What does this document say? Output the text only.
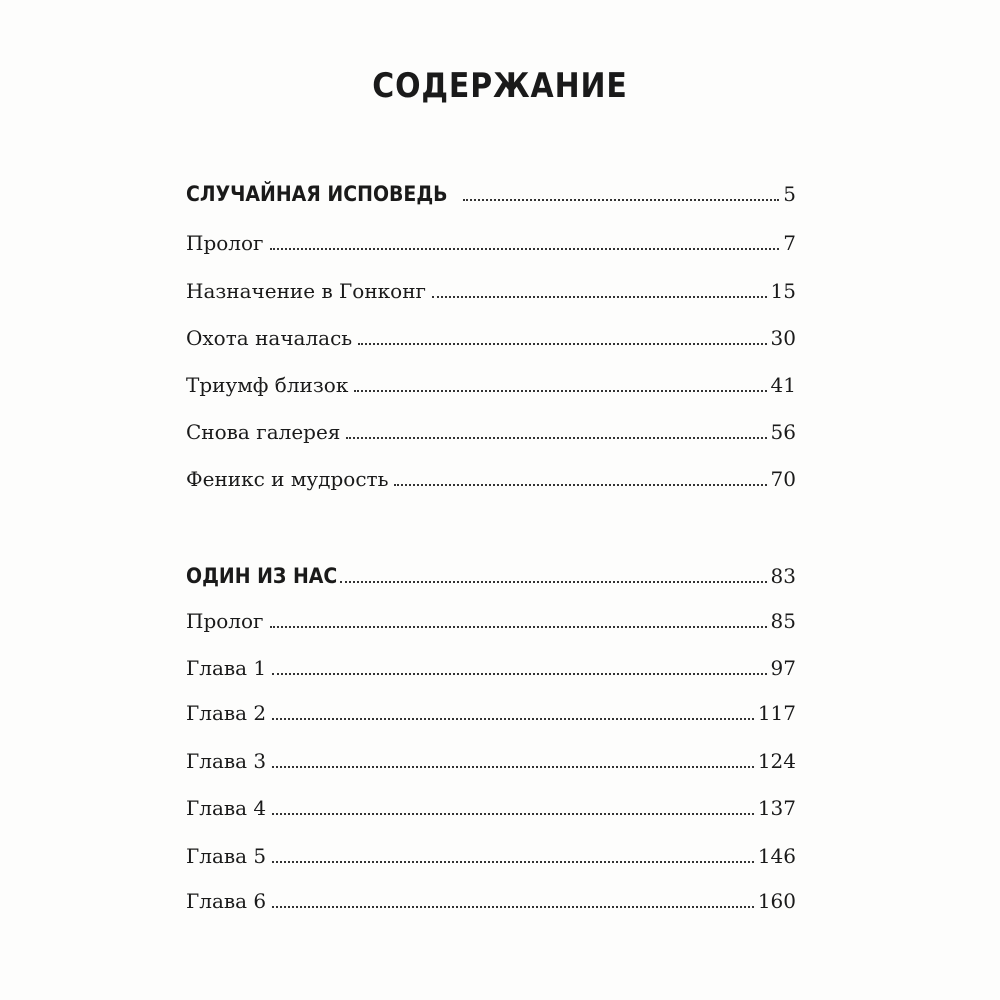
СОДЕРЖАНИЕ
СЛУЧАЙНАЯ ИСПОВЕДЬ	5
Пролог	7
Назначение в Гонконг	15
Охота началась	30
Триумф близок	41
Снова галерея	56
Феникс и мудрость	70
ОДИН ИЗ НАС	83
Пролог	85
Глава 1	97
Глава 2	117
Глава 3	124
Глава 4	137
Глава 5	146
Глава 6	160
